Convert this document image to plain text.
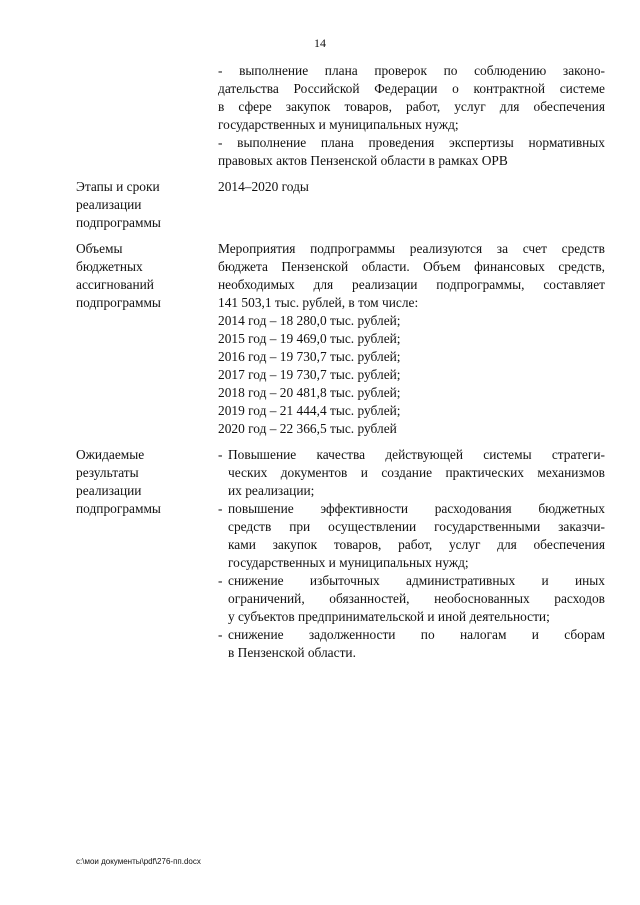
14
- выполнение плана проверок по соблюдению законо-
дательства Российской Федерации о контрактной системе
в сфере закупок товаров, работ, услуг для обеспечения
государственных и муниципальных нужд;
- выполнение плана проведения экспертизы нормативных
правовых актов Пензенской области в рамках ОРВ
Этапы и сроки
реализации
подпрограммы
2014–2020 годы
Объемы
бюджетных
ассигнований
подпрограммы
Мероприятия подпрограммы реализуются за счет средств
бюджета Пензенской области. Объем финансовых средств,
необходимых для реализации подпрограммы, составляет
141 503,1 тыс. рублей, в том числе:
2014 год – 18 280,0 тыс. рублей;
2015 год – 19 469,0 тыс. рублей;
2016 год – 19 730,7 тыс. рублей;
2017 год – 19 730,7 тыс. рублей;
2018 год – 20 481,8 тыс. рублей;
2019 год – 21 444,4 тыс. рублей;
2020 год – 22 366,5 тыс. рублей
Ожидаемые
результаты
реализации
подпрограммы
- Повышение качества действующей системы стратеги-
ческих документов и создание практических механизмов
их реализации;
- повышение эффективности расходования бюджетных
средств при осуществлении государственными заказчи-
ками закупок товаров, работ, услуг для обеспечения
государственных и муниципальных нужд;
- снижение избыточных административных и иных
ограничений, обязанностей, необоснованных расходов
у субъектов предпринимательской и иной деятельности;
- снижение задолженности по налогам и сборам
в Пензенской области.
c:\мои документы\pdf\276-пп.docx
